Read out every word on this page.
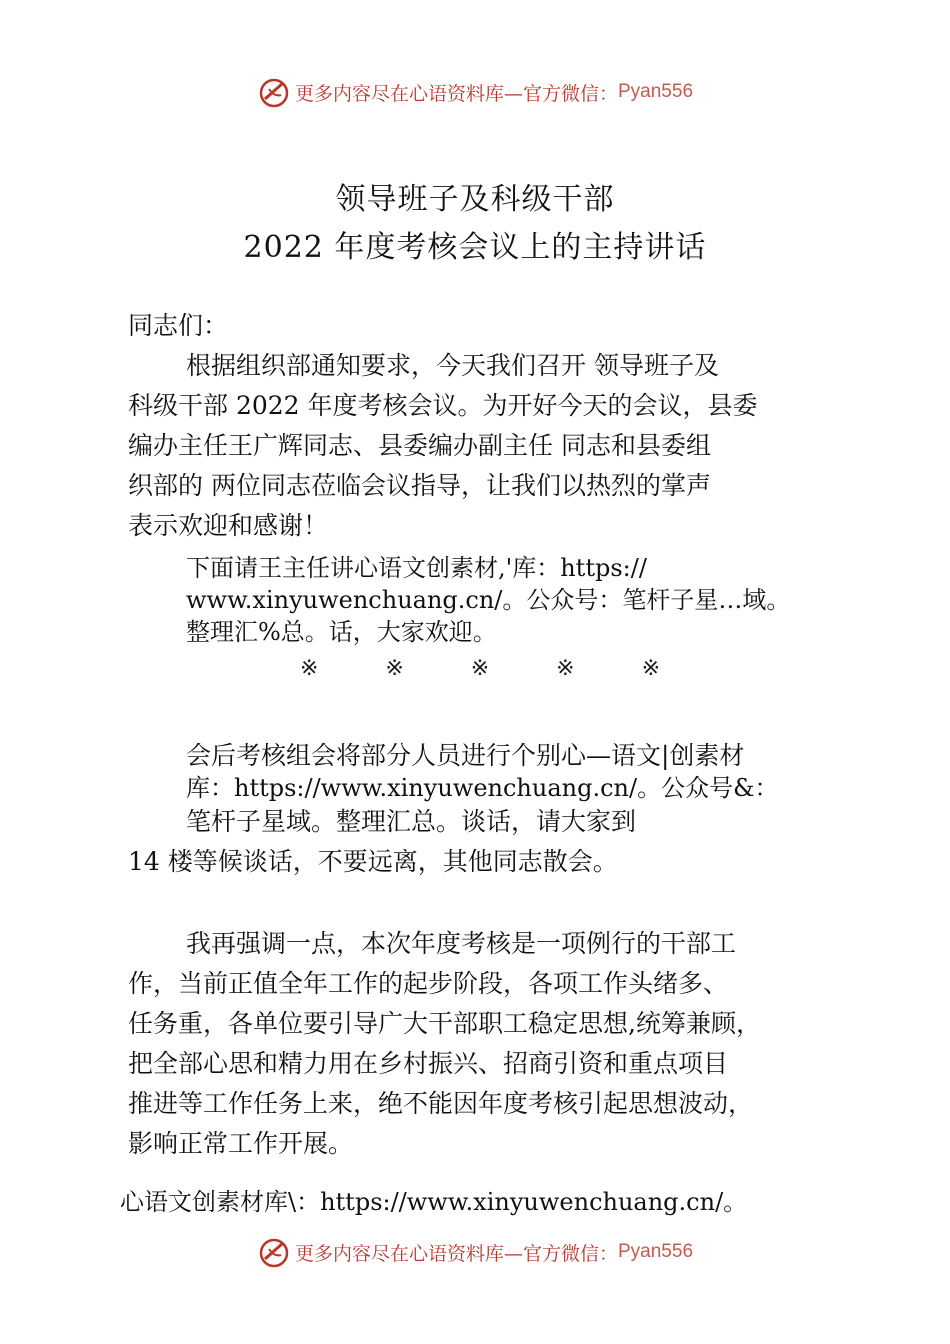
更多内容尽在心语资料库—官方微信： Pyan556
领导班子及科级干部
2022 年度考核会议上的主持讲话
同志们：
根据组织部通知要求，今天我们召开 领导班子及
科级干部 2022 年度考核会议。为开好今天的会议，县委
编办主任王广辉同志、县委编办副主任 同志和县委组
织部的 两位同志莅临会议指导，让我们以热烈的掌声
表示欢迎和感谢！
下面请王主任讲心语文创素材,'库：https://
www.xinyuwenchuang.cn/。公众号：笔杆子星…域。
整理汇%总。话，大家欢迎。
※	※	※	※	※
会后考核组会将部分人员进行个别心—语文|创素材
库：https://www.xinyuwenchuang.cn/。公众号&：
笔杆子星域。整理汇总。谈话，请大家到
14 楼等候谈话，不要远离，其他同志散会。
我再强调一点，本次年度考核是一项例行的干部工
作，当前正值全年工作的起步阶段，各项工作头绪多、
任务重，各单位要引导广大干部职工稳定思想,统筹兼顾，
把全部心思和精力用在乡村振兴、招商引资和重点项目
推进等工作任务上来，绝不能因年度考核引起思想波动，
影响正常工作开展。
心语文创素材库\：https://www.xinyuwenchuang.cn/。
更多内容尽在心语资料库—官方微信： Pyan556
